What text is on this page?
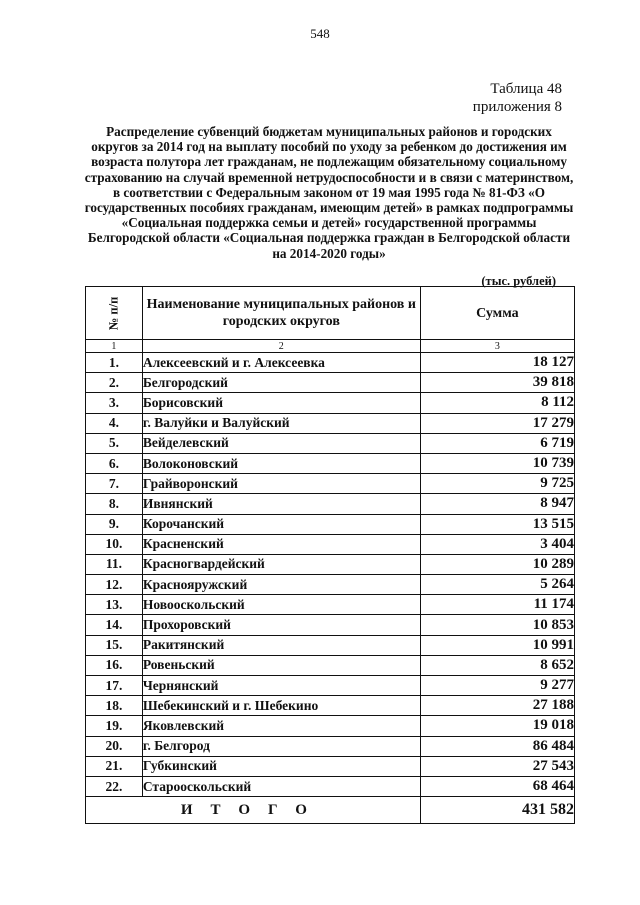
548
Таблица 48
приложения 8
Распределение субвенций бюджетам муниципальных районов и городских округов за 2014 год на выплату пособий по уходу за ребенком до достижения им возраста полутора лет гражданам, не подлежащим обязательному социальному страхованию на случай временной нетрудоспособности и в связи с материнством, в соответствии с Федеральным законом от 19 мая 1995 года № 81-ФЗ «О государственных пособиях гражданам, имеющим детей» в рамках подпрограммы «Социальная поддержка семьи и детей» государственной программы Белгородской области «Социальная поддержка граждан в Белгородской области на 2014-2020 годы»
(тыс. рублей)
№ п/п	Наименование муниципальных районов и городских округов	Сумма

1	2	3
1.	Алексеевский и г. Алексеевка	18 127
2.	Белгородский	39 818
3.	Борисовский	8 112
4.	г. Валуйки и Валуйский	17 279
5.	Вейделевский	6 719
6.	Волоконовский	10 739
7.	Грайворонский	9 725
8.	Ивнянский	8 947
9.	Корочанский	13 515
10.	Красненский	3 404
11.	Красногвардейский	10 289
12.	Краснояружский	5 264
13.	Новооскольский	11 174
14.	Прохоровский	10 853
15.	Ракитянский	10 991
16.	Ровеньский	8 652
17.	Чернянский	9 277
18.	Шебекинский и г. Шебекино	27 188
19.	Яковлевский	19 018
20.	г. Белгород	86 484
21.	Губкинский	27 543
22.	Старооскольский	68 464
ИТОГО		431 582
